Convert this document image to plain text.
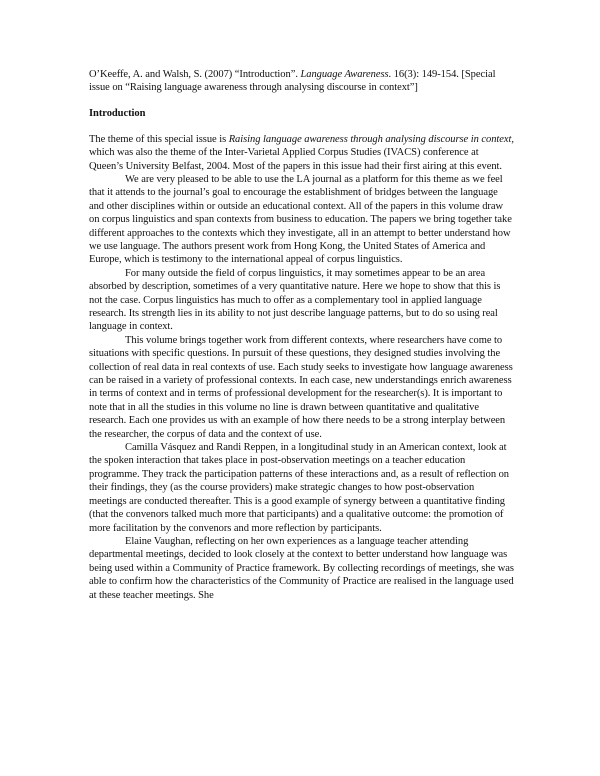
O’Keeffe, A. and Walsh, S. (2007) “Introduction”. Language Awareness. 16(3): 149-154. [Special issue on “Raising language awareness through analysing discourse in context”]

Introduction

The theme of this special issue is Raising language awareness through analysing discourse in context, which was also the theme of the Inter-Varietal Applied Corpus Studies (IVACS) conference at Queen’s University Belfast, 2004. Most of the papers in this issue had their first airing at this event.

We are very pleased to be able to use the LA journal as a platform for this theme as we feel that it attends to the journal’s goal to encourage the establishment of bridges between the language and other disciplines within or outside an educational context. All of the papers in this volume draw on corpus linguistics and span contexts from business to education. The papers we bring together take different approaches to the contexts which they investigate, all in an attempt to better understand how we use language. The authors present work from Hong Kong, the United States of America and Europe, which is testimony to the international appeal of corpus linguistics.

For many outside the field of corpus linguistics, it may sometimes appear to be an area absorbed by description, sometimes of a very quantitative nature. Here we hope to show that this is not the case. Corpus linguistics has much to offer as a complementary tool in applied language research. Its strength lies in its ability to not just describe language patterns, but to do so using real language in context.

This volume brings together work from different contexts, where researchers have come to situations with specific questions. In pursuit of these questions, they designed studies involving the collection of real data in real contexts of use. Each study seeks to investigate how language awareness can be raised in a variety of professional contexts. In each case, new understandings enrich awareness in terms of context and in terms of professional development for the researcher(s). It is important to note that in all the studies in this volume no line is drawn between quantitative and qualitative research. Each one provides us with an example of how there needs to be a strong interplay between the researcher, the corpus of data and the context of use.

Camilla Vásquez and Randi Reppen, in a longitudinal study in an American context, look at the spoken interaction that takes place in post-observation meetings on a teacher education programme. They track the participation patterns of these interactions and, as a result of reflection on their findings, they (as the course providers) make strategic changes to how post-observation meetings are conducted thereafter. This is a good example of synergy between a quantitative finding (that the convenors talked much more that participants) and a qualitative outcome: the promotion of more facilitation by the convenors and more reflection by participants.

Elaine Vaughan, reflecting on her own experiences as a language teacher attending departmental meetings, decided to look closely at the context to better understand how language was being used within a Community of Practice framework. By collecting recordings of meetings, she was able to confirm how the characteristics of the Community of Practice are realised in the language used at these teacher meetings. She
